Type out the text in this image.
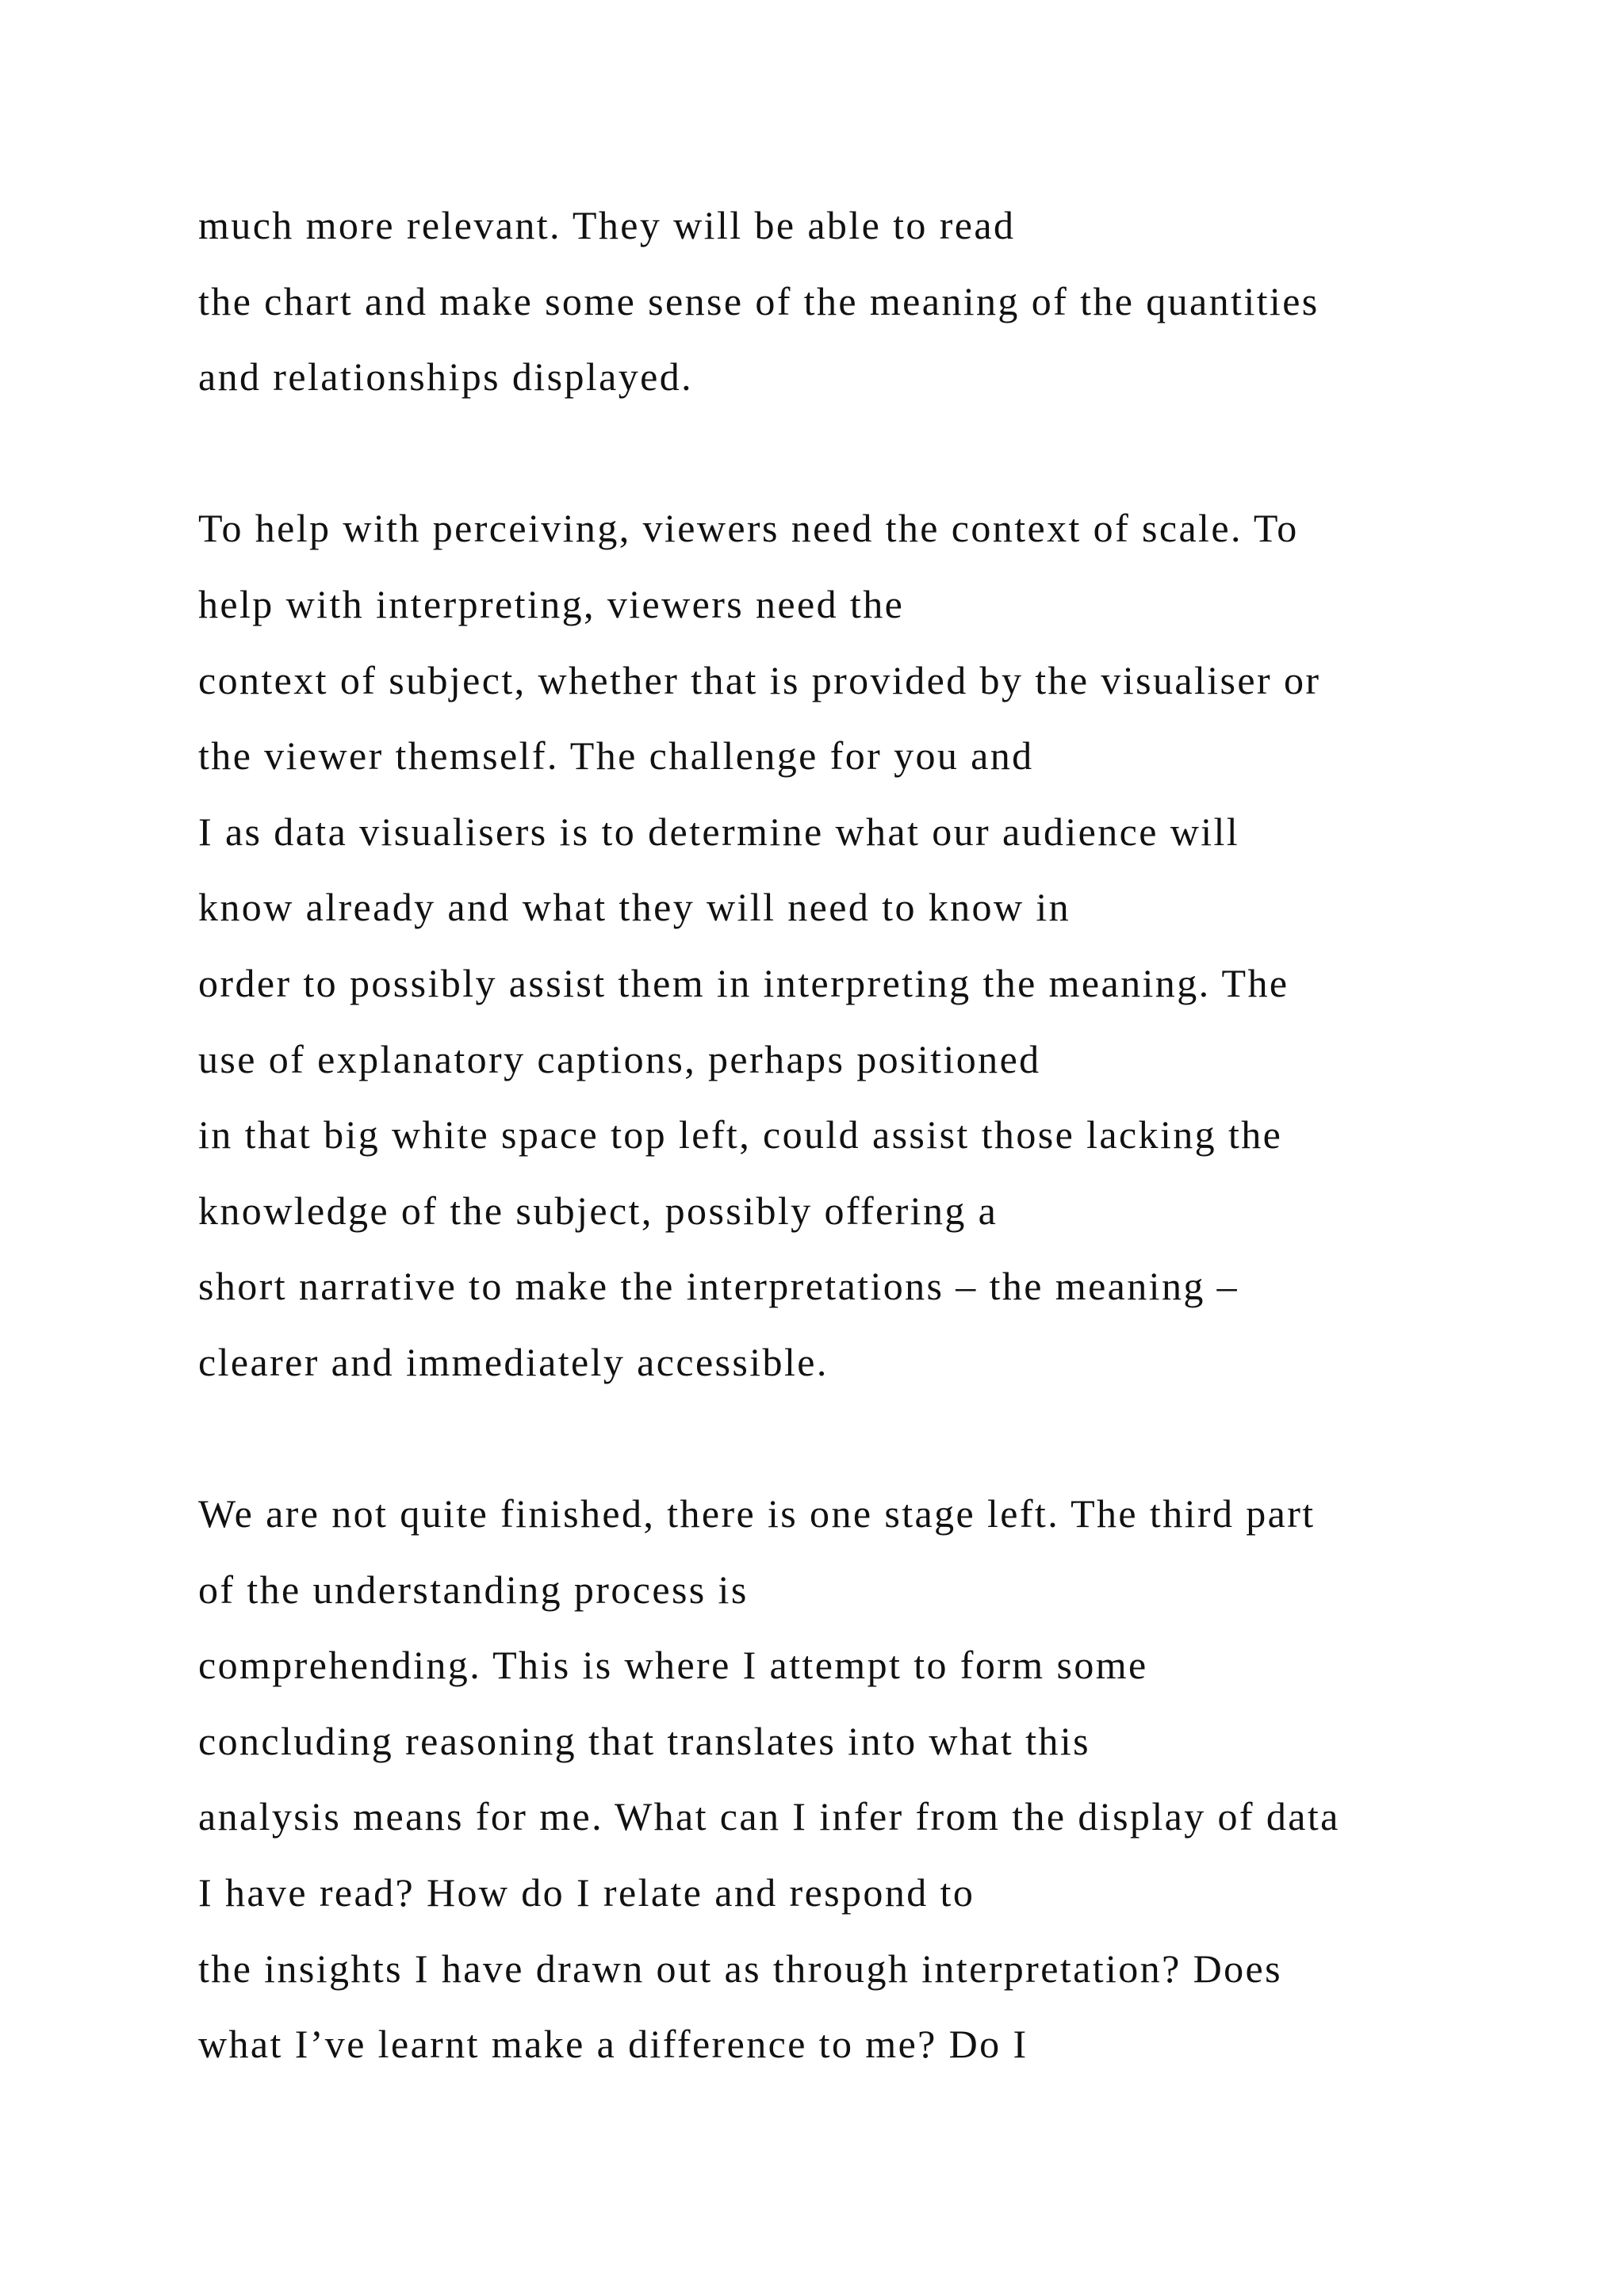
much more relevant. They will be able to read
the chart and make some sense of the meaning of the quantities
and relationships displayed.
To help with perceiving, viewers need the context of scale. To
help with interpreting, viewers need the
context of subject, whether that is provided by the visualiser or
the viewer themself. The challenge for you and
I as data visualisers is to determine what our audience will
know already and what they will need to know in
order to possibly assist them in interpreting the meaning. The
use of explanatory captions, perhaps positioned
in that big white space top left, could assist those lacking the
knowledge of the subject, possibly offering a
short narrative to make the interpretations – the meaning –
clearer and immediately accessible.
We are not quite finished, there is one stage left. The third part
of the understanding process is
comprehending. This is where I attempt to form some
concluding reasoning that translates into what this
analysis means for me. What can I infer from the display of data
I have read? How do I relate and respond to
the insights I have drawn out as through interpretation? Does
what I’ve learnt make a difference to me? Do I
